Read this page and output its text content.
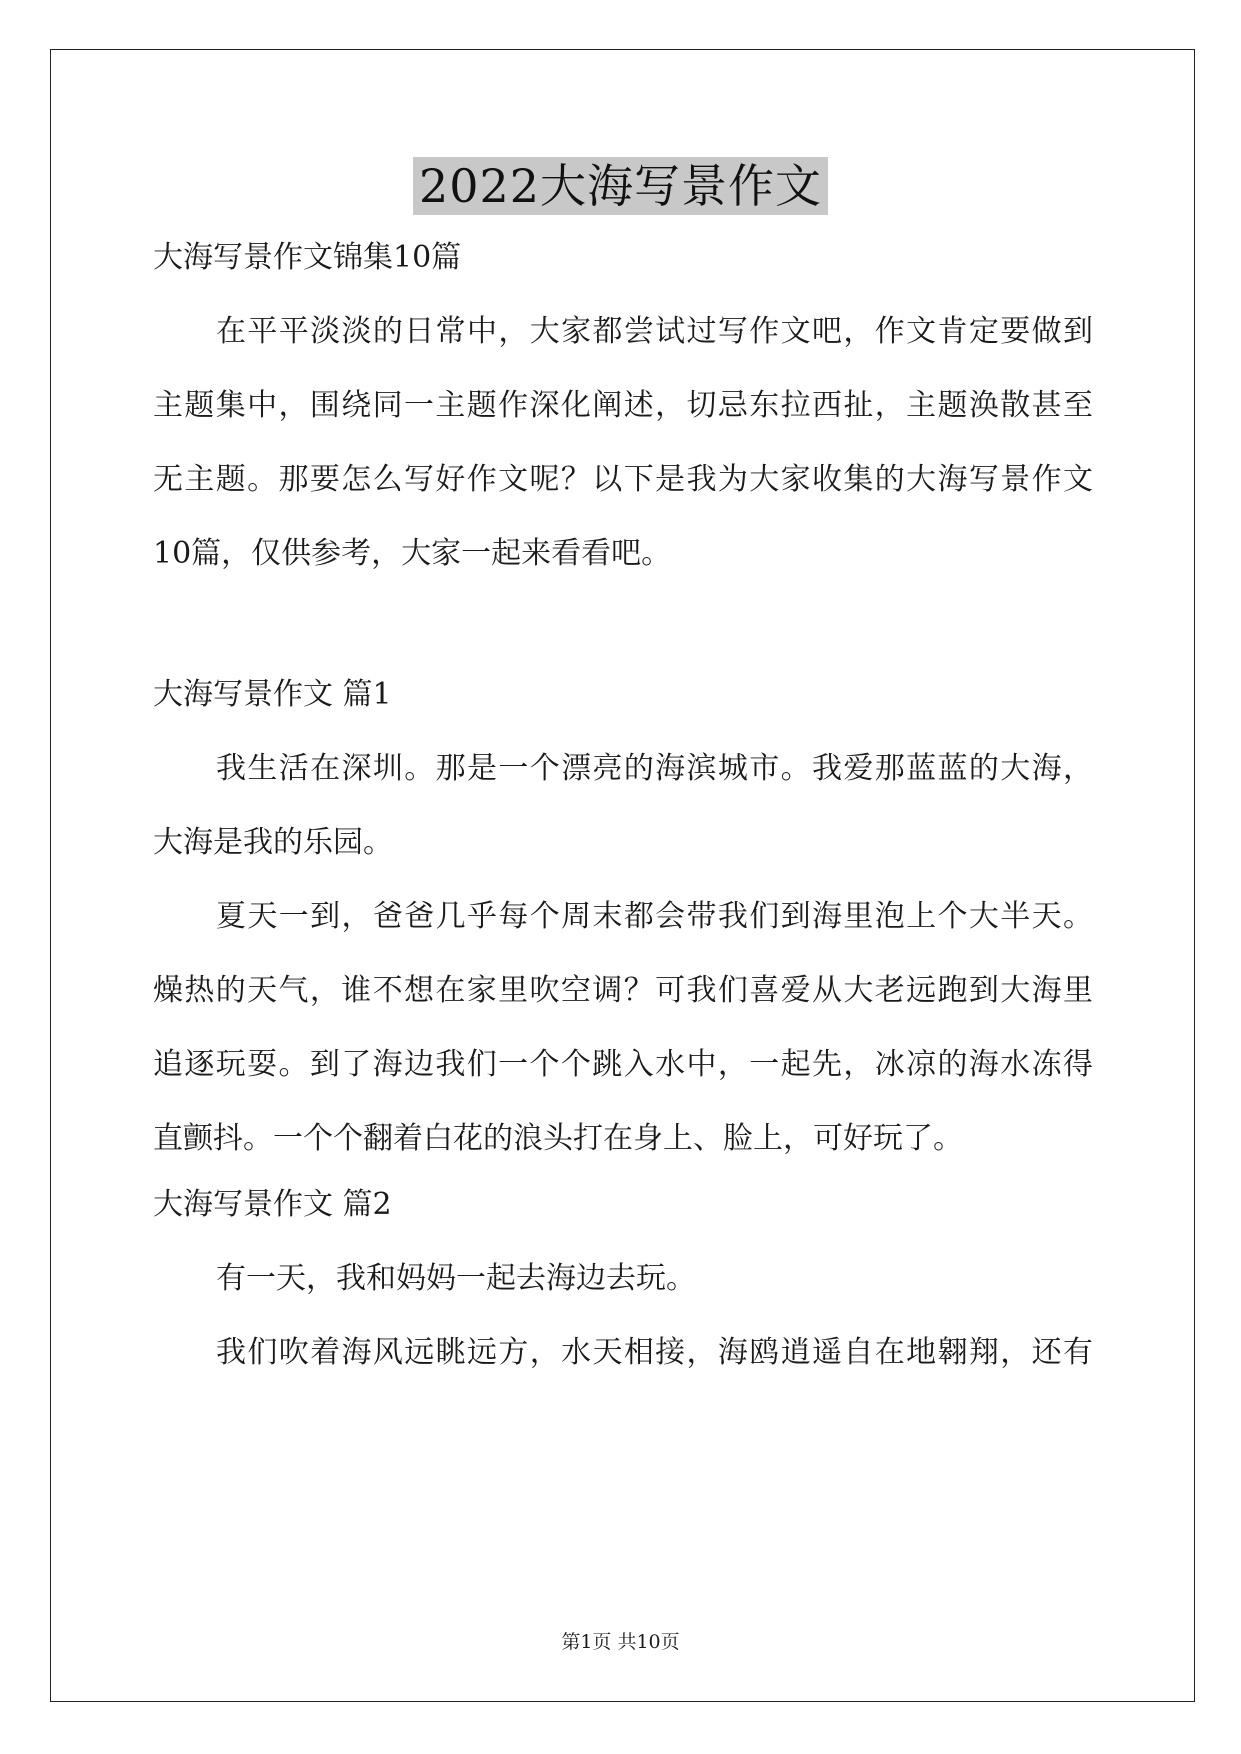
2022大海写景作文
大海写景作文锦集10篇
在平平淡淡的日常中，大家都尝试过写作文吧，作文肯定要做到
主题集中，围绕同一主题作深化阐述，切忌东拉西扯，主题涣散甚至
无主题。那要怎么写好作文呢？以下是我为大家收集的大海写景作文
10篇，仅供参考，大家一起来看看吧。
大海写景作文 篇1
我生活在深圳。那是一个漂亮的海滨城市。我爱那蓝蓝的大海，
大海是我的乐园。
夏天一到，爸爸几乎每个周末都会带我们到海里泡上个大半天。
燥热的天气，谁不想在家里吹空调？可我们喜爱从大老远跑到大海里
追逐玩耍。到了海边我们一个个跳入水中，一起先，冰凉的海水冻得
直颤抖。一个个翻着白花的浪头打在身上、脸上，可好玩了。
大海写景作文 篇2
有一天，我和妈妈一起去海边去玩。
我们吹着海风远眺远方，水天相接，海鸥逍遥自在地翱翔，还有
第1页 共10页
